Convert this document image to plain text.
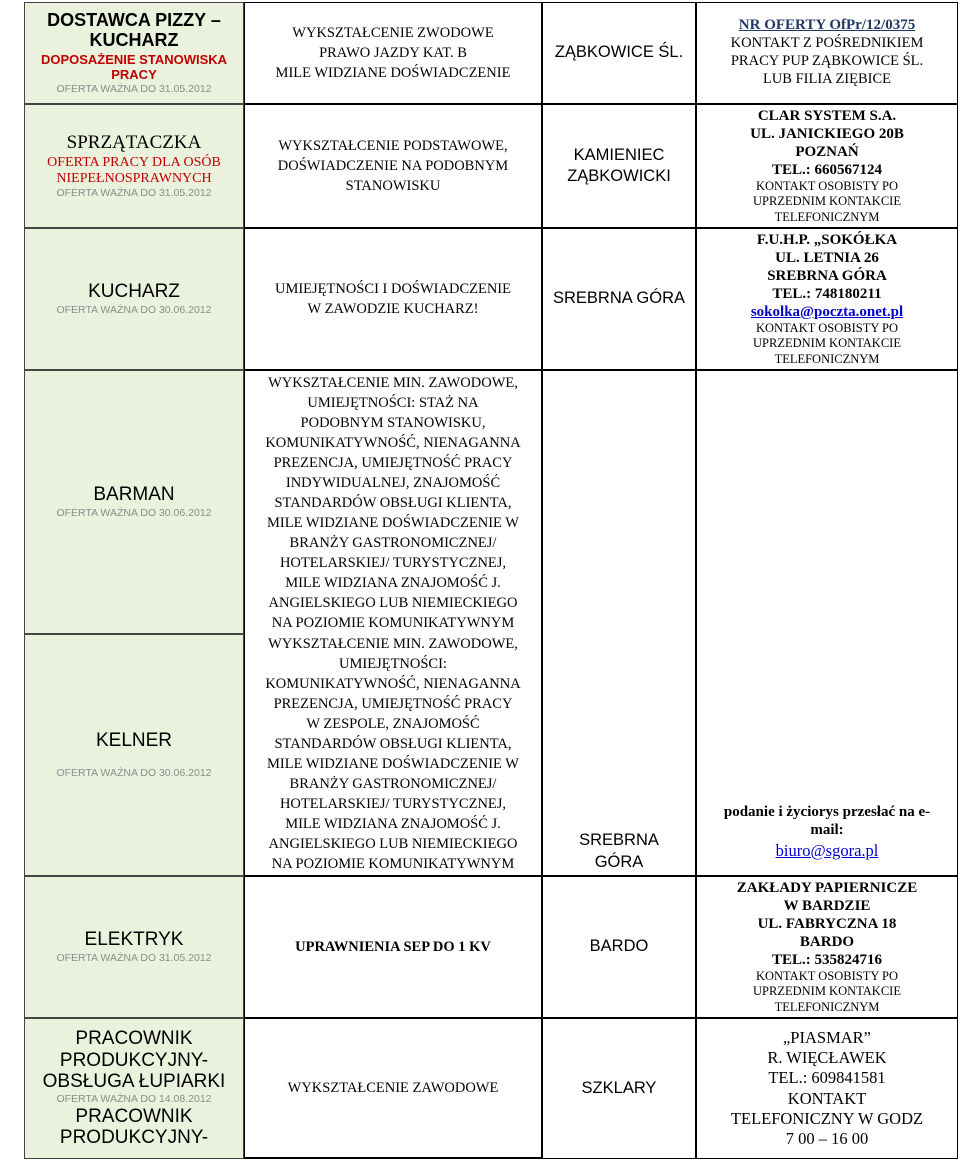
DOSTAWCA PIZZY –
KUCHARZ
DOPOSAŻENIE STANOWISKA
PRACY
OFERTA WAŻNA DO 31.05.2012
WYKSZTAŁCENIE ZWODOWE
PRAWO JAZDY KAT. B
MILE WIDZIANE DOŚWIADCZENIE
ZĄBKOWICE ŚL.
NR OFERTY OfPr/12/0375
KONTAKT Z POŚREDNIKIEM
PRACY PUP ZĄBKOWICE ŚL.
LUB FILIA ZIĘBICE
SPRZĄTACZKA
OFERTA PRACY DLA OSÓB
NIEPEŁNOSPRAWNYCH
OFERTA WAŻNA DO 31.05.2012
WYKSZTAŁCENIE PODSTAWOWE,
DOŚWIADCZENIE NA PODOBNYM
STANOWISKU
KAMIENIEC
ZĄBKOWICKI
CLAR SYSTEM S.A.
UL. JANICKIEGO 20B
POZNAŃ
TEL.: 660567124
KONTAKT OSOBISTY PO
UPRZEDNIM KONTAKCIE
TELEFONICZNYM
KUCHARZ
OFERTA WAŻNA DO 30.06.2012
UMIEJĘTNOŚCI I DOŚWIADCZENIE
W ZAWODZIE KUCHARZ!
SREBRNA GÓRA
F.U.H.P. „SOKÓŁKA
UL. LETNIA 26
SREBRNA GÓRA
TEL.: 748180211
sokolka@poczta.onet.pl
KONTAKT OSOBISTY PO
UPRZEDNIM KONTAKCIE
TELEFONICZNYM
BARMAN
OFERTA WAŻNA DO 30.06.2012
WYKSZTAŁCENIE MIN. ZAWODOWE,
UMIEJĘTNOŚCI: STAŻ NA
PODOBNYM STANOWISKU,
KOMUNIKATYWNOŚĆ, NIENAGANNA
PREZENCJA, UMIEJĘTNOŚĆ PRACY
INDYWIDUALNEJ, ZNAJOMOŚĆ
STANDARDÓW OBSŁUGI KLIENTA,
MILE WIDZIANE DOŚWIADCZENIE W
BRANŻY GASTRONOMICZNEJ/
HOTELARSKIEJ/ TURYSTYCZNEJ,
MILE WIDZIANA ZNAJOMOŚĆ J.
ANGIELSKIEGO LUB NIEMIECKIEGO
NA POZIOMIE KOMUNIKATYWNYM
KELNER
OFERTA WAŻNA DO 30.06.2012
WYKSZTAŁCENIE MIN. ZAWODOWE,
UMIEJĘTNOŚCI:
KOMUNIKATYWNOŚĆ, NIENAGANNA
PREZENCJA, UMIEJĘTNOŚĆ PRACY
W ZESPOLE, ZNAJOMOŚĆ
STANDARDÓW OBSŁUGI KLIENTA,
MILE WIDZIANE DOŚWIADCZENIE W
BRANŻY GASTRONOMICZNEJ/
HOTELARSKIEJ/ TURYSTYCZNEJ,
MILE WIDZIANA ZNAJOMOŚĆ J.
ANGIELSKIEGO LUB NIEMIECKIEGO
NA POZIOMIE KOMUNIKATYWNYM
SREBRNA
GÓRA
podanie i życiorys przesłać na e-
mail:
biuro@sgora.pl
ELEKTRYK
OFERTA WAŻNA DO 31.05.2012
UPRAWNIENIA SEP DO 1 KV	BARDO
ZAKŁADY PAPIERNICZE
W BARDZIE
UL. FABRYCZNA 18
BARDO
TEL.: 535824716
KONTAKT OSOBISTY PO
UPRZEDNIM KONTAKCIE
TELEFONICZNYM
PRACOWNIK
PRODUKCYJNY-
OBSŁUGA ŁUPIARKI
OFERTA WAŻNA DO 14.08.2012
PRACOWNIK
PRODUKCYJNY-
WYKSZTAŁCENIE ZAWODOWE	SZKLARY
„PIASMAR”
R. WIĘCŁAWEK
TEL.: 609841581
KONTAKT
TELEFONICZNY W GODZ
7 00 – 16 00
